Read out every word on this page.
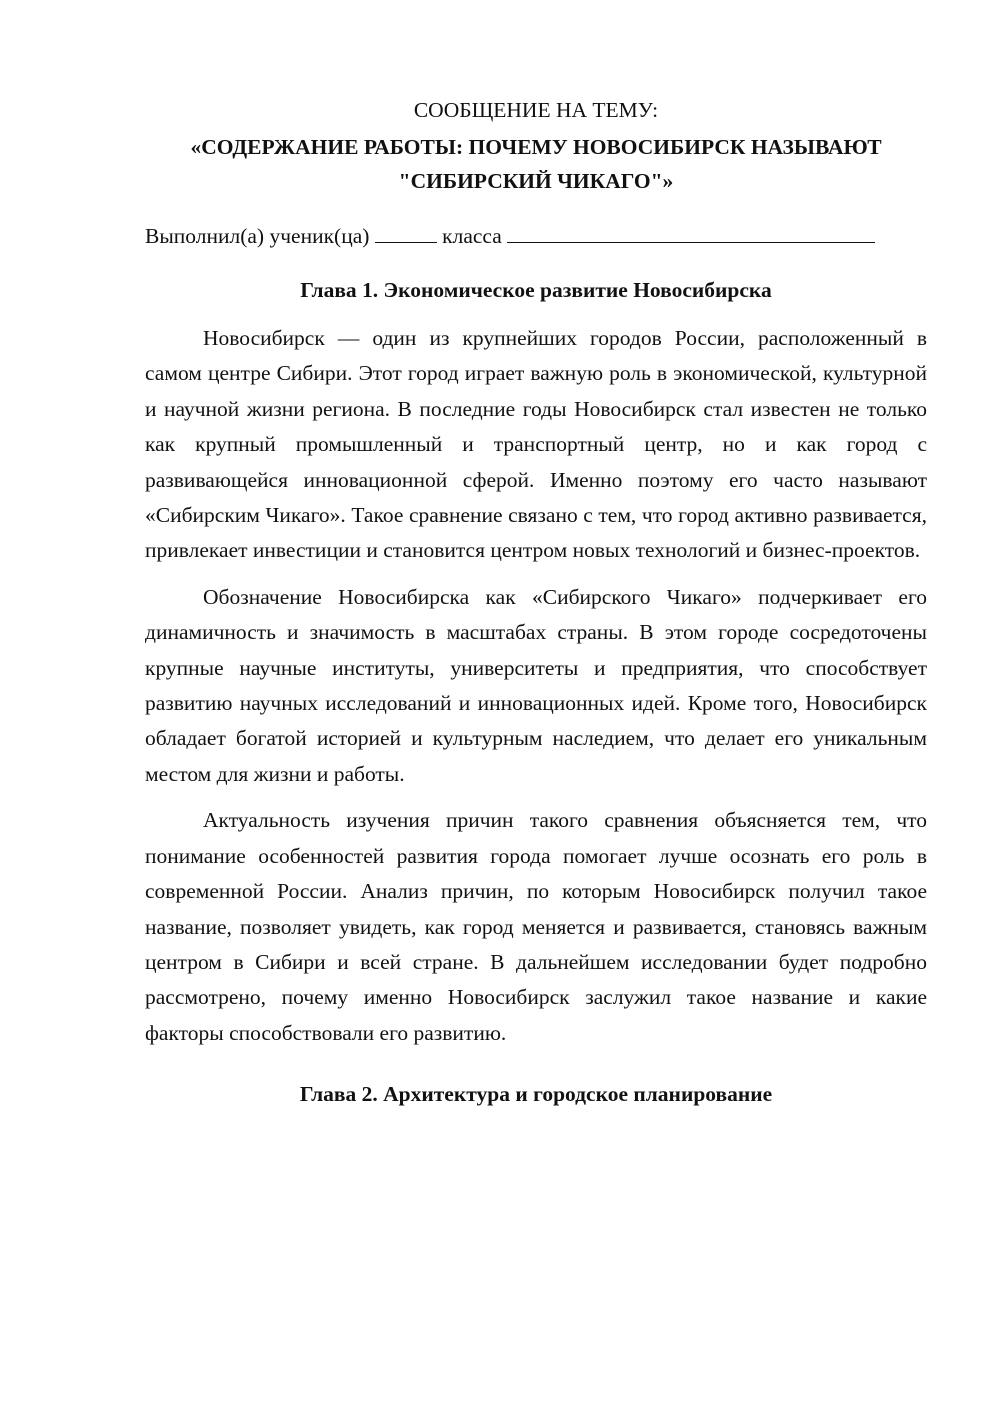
СООБЩЕНИЕ НА ТЕМУ:

«СОДЕРЖАНИЕ РАБОТЫ: ПОЧЕМУ НОВОСИБИРСК НАЗЫВАЮТ "СИБИРСКИЙ ЧИКАГО"»

Выполнил(а) ученик(ца)	класса

Глава 1. Экономическое развитие Новосибирска

Новосибирск — один из крупнейших городов России, расположенный в самом центре Сибири. Этот город играет важную роль в экономической, культурной и научной жизни региона. В последние годы Новосибирск стал известен не только как крупный промышленный и транспортный центр, но и как город с развивающейся инновационной сферой. Именно поэтому его часто называют «Сибирским Чикаго». Такое сравнение связано с тем, что город активно развивается, привлекает инвестиции и становится центром новых технологий и бизнес-проектов.

Обозначение Новосибирска как «Сибирского Чикаго» подчеркивает его динамичность и значимость в масштабах страны. В этом городе сосредоточены крупные научные институты, университеты и предприятия, что способствует развитию научных исследований и инновационных идей. Кроме того, Новосибирск обладает богатой историей и культурным наследием, что делает его уникальным местом для жизни и работы.

Актуальность изучения причин такого сравнения объясняется тем, что понимание особенностей развития города помогает лучше осознать его роль в современной России. Анализ причин, по которым Новосибирск получил такое название, позволяет увидеть, как город меняется и развивается, становясь важным центром в Сибири и всей стране. В дальнейшем исследовании будет подробно рассмотрено, почему именно Новосибирск заслужил такое название и какие факторы способствовали его развитию.

Глава 2. Архитектура и городское планирование
